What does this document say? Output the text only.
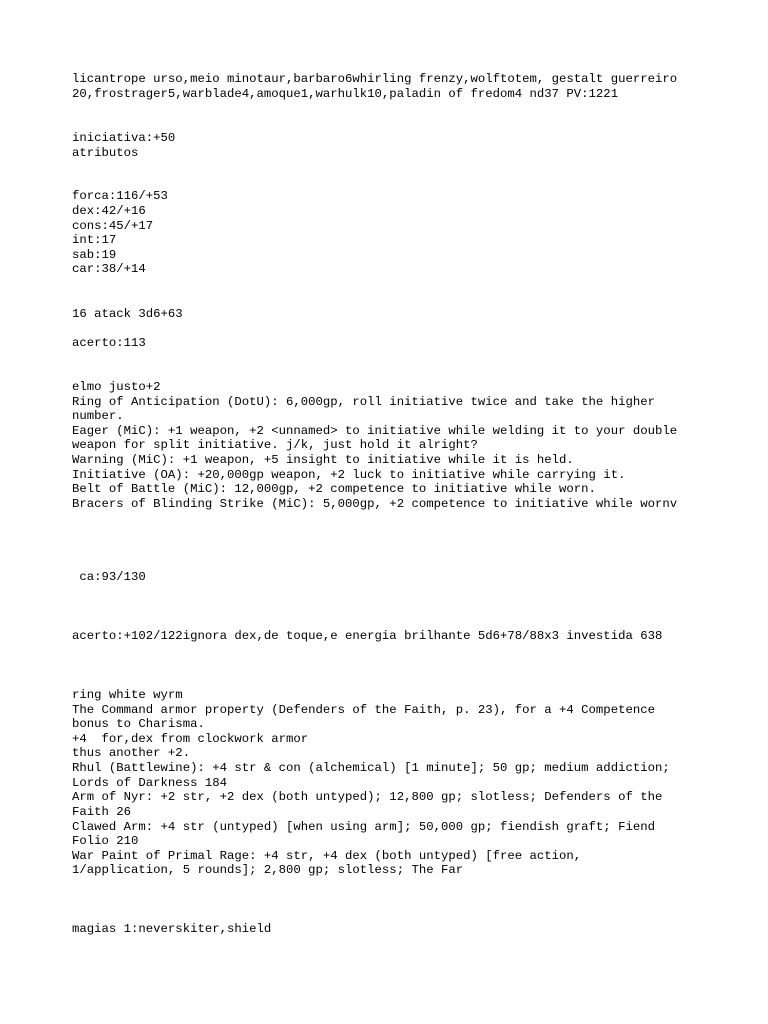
licantrope urso,meio minotaur,barbaro6whirling frenzy,wolftotem, gestalt guerreiro

20,frostrager5,warblade4,amoque1,warhulk10,paladin of fredom4 nd37 PV:1221

iniciativa:+50

atributos

forca:116/+53

dex:42/+16

cons:45/+17

int:17

sab:19

car:38/+14

16 atack 3d6+63

acerto:113

elmo justo+2

Ring of Anticipation (DotU): 6,000gp, roll initiative twice and take the higher

number.

Eager (MiC): +1 weapon, +2 <unnamed> to initiative while welding it to your double

weapon for split initiative. j/k, just hold it alright?

Warning (MiC): +1 weapon, +5 insight to initiative while it is held.

Initiative (OA): +20,000gp weapon, +2 luck to initiative while carrying it.

Belt of Battle (MiC): 12,000gp, +2 competence to initiative while worn.

Bracers of Blinding Strike (MiC): 5,000gp, +2 competence to initiative while wornv

ca:93/130

acerto:+102/122ignora dex,de toque,e energia brilhante 5d6+78/88x3 investida 638

ring white wyrm

The Command armor property (Defenders of the Faith, p. 23), for a +4 Competence

bonus to Charisma.

+4  for,dex from clockwork armor

thus another +2.

Rhul (Battlewine): +4 str & con (alchemical) [1 minute]; 50 gp; medium addiction;

Lords of Darkness 184

Arm of Nyr: +2 str, +2 dex (both untyped); 12,800 gp; slotless; Defenders of the

Faith 26

Clawed Arm: +4 str (untyped) [when using arm]; 50,000 gp; fiendish graft; Fiend

Folio 210

War Paint of Primal Rage: +4 str, +4 dex (both untyped) [free action,

1/application, 5 rounds]; 2,800 gp; slotless; The Far

magias 1:neverskiter,shield
